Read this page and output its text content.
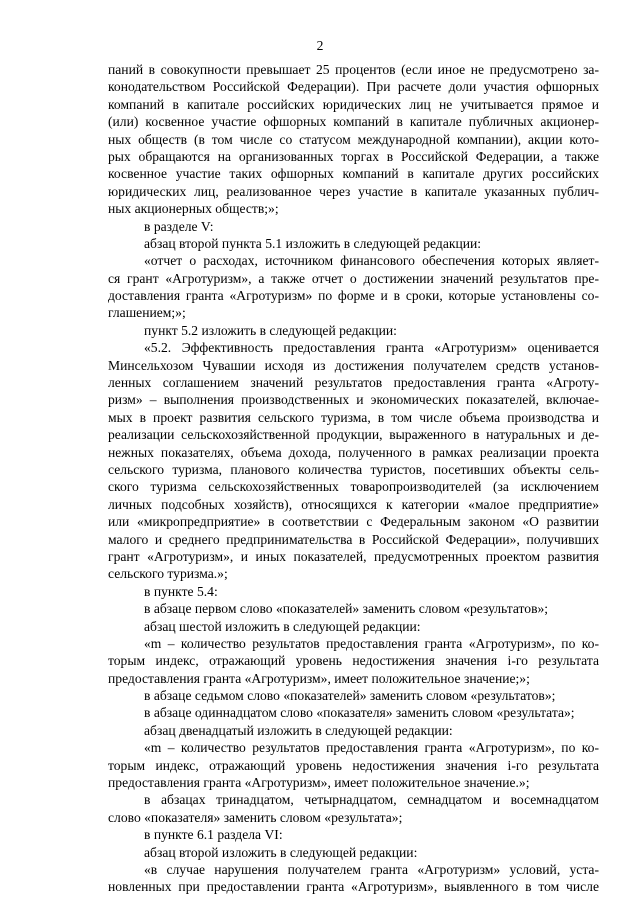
2
паний в совокупности превышает 25 процентов (если иное не предусмотрено за-
конодательством Российской Федерации). При расчете доли участия офшорных
компаний в капитале российских юридических лиц не учитывается прямое и
(или) косвенное участие офшорных компаний в капитале публичных акционер-
ных обществ (в том числе со статусом международной компании), акции кото-
рых обращаются на организованных торгах в Российской Федерации, а также
косвенное участие таких офшорных компаний в капитале других российских
юридических лиц, реализованное через участие в капитале указанных публич-
ных акционерных обществ;»;
в разделе V:
абзац второй пункта 5.1 изложить в следующей редакции:
«отчет о расходах, источником финансового обеспечения которых являет-
ся грант «Агротуризм», а также отчет о достижении значений результатов пре-
доставления гранта «Агротуризм» по форме и в сроки, которые установлены со-
глашением;»;
пункт 5.2 изложить в следующей редакции:
«5.2. Эффективность предоставления гранта «Агротуризм» оценивается
Минсельхозом Чувашии исходя из достижения получателем средств установ-
ленных соглашением значений результатов предоставления гранта «Агроту-
ризм» – выполнения производственных и экономических показателей, включае-
мых в проект развития сельского туризма, в том числе объема производства и
реализации сельскохозяйственной продукции, выраженного в натуральных и де-
нежных показателях, объема дохода, полученного в рамках реализации проекта
сельского туризма, планового количества туристов, посетивших объекты сель-
ского туризма сельскохозяйственных товаропроизводителей (за исключением
личных подсобных хозяйств), относящихся к категории «малое предприятие»
или «микропредприятие» в соответствии с Федеральным законом «О развитии
малого и среднего предпринимательства в Российской Федерации», получивших
грант «Агротуризм», и иных показателей, предусмотренных проектом развития
сельского туризма.»;
в пункте 5.4:
в абзаце первом слово «показателей» заменить словом «результатов»;
абзац шестой изложить в следующей редакции:
«m – количество результатов предоставления гранта «Агротуризм», по ко-
торым индекс, отражающий уровень недостижения значения i-го результата
предоставления гранта «Агротуризм», имеет положительное значение;»;
в абзаце седьмом слово «показателей» заменить словом «результатов»;
в абзаце одиннадцатом слово «показателя» заменить словом «результата»;
абзац двенадцатый изложить в следующей редакции:
«m – количество результатов предоставления гранта «Агротуризм», по ко-
торым индекс, отражающий уровень недостижения значения i-го результата
предоставления гранта «Агротуризм», имеет положительное значение.»;
в абзацах тринадцатом, четырнадцатом, семнадцатом и восемнадцатом
слово «показателя» заменить словом «результата»;
в пункте 6.1 раздела VI:
абзац второй изложить в следующей редакции:
«в случае нарушения получателем гранта «Агротуризм» условий, уста-
новленных при предоставлении гранта «Агротуризм», выявленного в том числе
